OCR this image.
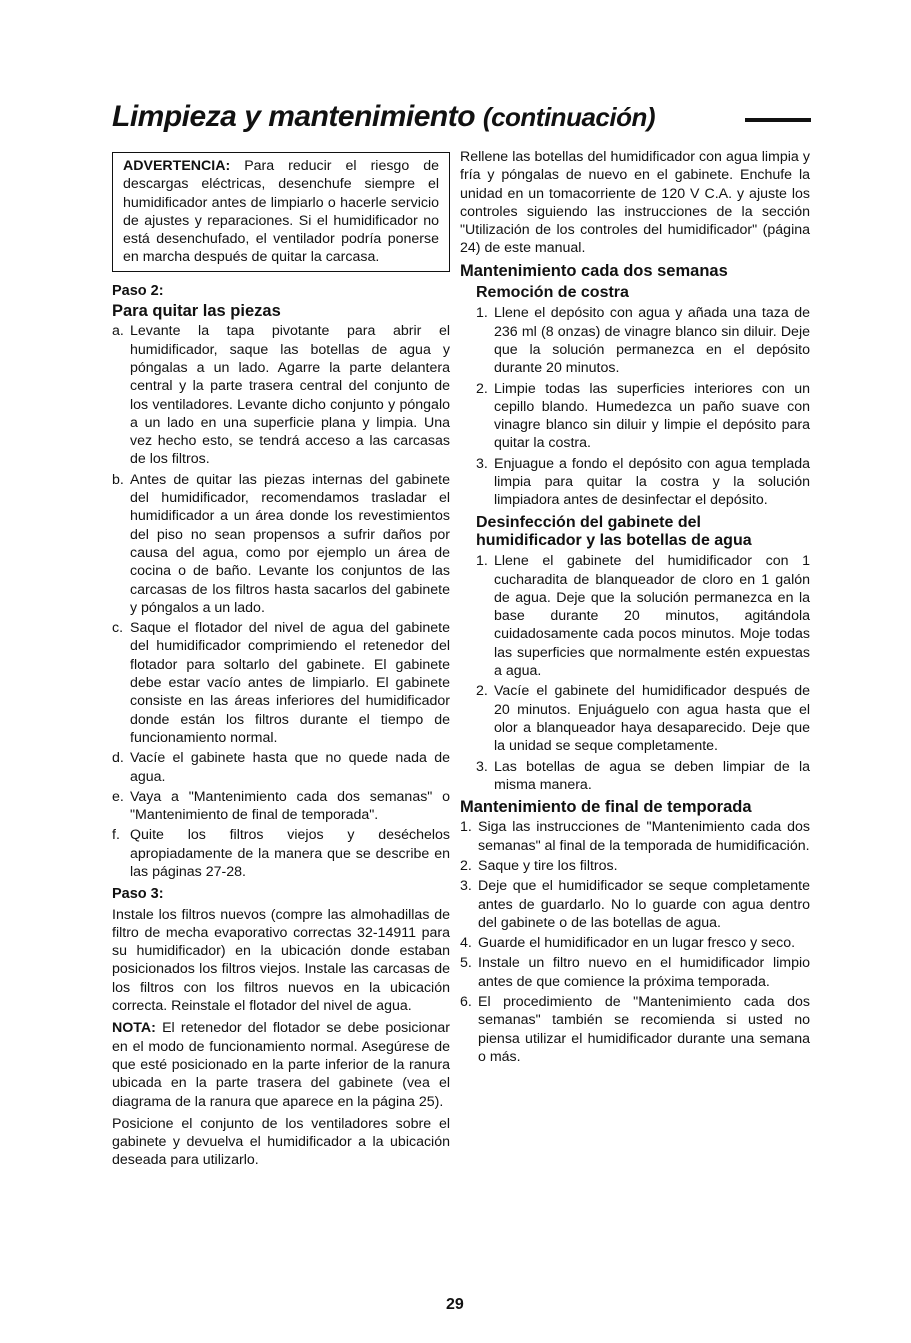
Limpieza y mantenimiento (continuación)
ADVERTENCIA: Para reducir el riesgo de descargas eléctricas, desenchufe siempre el humidificador antes de limpiarlo o hacerle servicio de ajustes y reparaciones. Si el humidificador no está desenchufado, el ventilador podría ponerse en marcha después de quitar la carcasa.
Paso 2:
Para quitar las piezas
a. Levante la tapa pivotante para abrir el humidificador, saque las botellas de agua y póngalas a un lado. Agarre la parte delantera central y la parte trasera central del conjunto de los ventiladores. Levante dicho conjunto y póngalo a un lado en una superficie plana y limpia. Una vez hecho esto, se tendrá acceso a las carcasas de los filtros.
b. Antes de quitar las piezas internas del gabinete del humidificador, recomendamos trasladar el humidificador a un área donde los revestimientos del piso no sean propensos a sufrir daños por causa del agua, como por ejemplo un área de cocina o de baño. Levante los conjuntos de las carcasas de los filtros hasta sacarlos del gabinete y póngalos a un lado.
c. Saque el flotador del nivel de agua del gabinete del humidificador comprimiendo el retenedor del flotador para soltarlo del gabinete. El gabinete debe estar vacío antes de limpiarlo. El gabinete consiste en las áreas inferiores del humidificador donde están los filtros durante el tiempo de funcionamiento normal.
d. Vacíe el gabinete hasta que no quede nada de agua.
e. Vaya a "Mantenimiento cada dos semanas" o "Mantenimiento de final de temporada".
f. Quite los filtros viejos y deséchelos apropiadamente de la manera que se describe en las páginas 27-28.
Paso 3:

Instale los filtros nuevos (compre las almohadillas de filtro de mecha evaporativo correctas 32-14911 para su humidificador) en la ubicación donde estaban posicionados los filtros viejos. Instale las carcasas de los filtros con los filtros nuevos en la ubicación correcta. Reinstale el flotador del nivel de agua.

NOTA: El retenedor del flotador se debe posicionar en el modo de funcionamiento normal. Asegúrese de que esté posicionado en la parte inferior de la ranura ubicada en la parte trasera del gabinete (vea el diagrama de la ranura que aparece en la página 25).

Posicione el conjunto de los ventiladores sobre el gabinete y devuelva el humidificador a la ubicación deseada para utilizarlo.

Rellene las botellas del humidificador con agua limpia y fría y póngalas de nuevo en el gabinete. Enchufe la unidad en un tomacorriente de 120 V C.A. y ajuste los controles siguiendo las instrucciones de la sección "Utilización de los controles del humidificador" (página 24) de este manual.

Mantenimiento cada dos semanas
Remoción de costra
1. Llene el depósito con agua y añada una taza de 236 ml (8 onzas) de vinagre blanco sin diluir. Deje que la solución permanezca en el depósito durante 20 minutos.
2. Limpie todas las superficies interiores con un cepillo blando. Humedezca un paño suave con vinagre blanco sin diluir y limpie el depósito para quitar la costra.
3. Enjuague a fondo el depósito con agua templada limpia para quitar la costra y la solución limpiadora antes de desinfectar el depósito.
Desinfección del gabinete del humidificador y las botellas de agua
1. Llene el gabinete del humidificador con 1 cucharadita de blanqueador de cloro en 1 galón de agua. Deje que la solución permanezca en la base durante 20 minutos, agitándola cuidadosamente cada pocos minutos. Moje todas las superficies que normalmente estén expuestas a agua.
2. Vacíe el gabinete del humidificador después de 20 minutos. Enjuáguelo con agua hasta que el olor a blanqueador haya desaparecido. Deje que la unidad se seque completamente.
3. Las botellas de agua se deben limpiar de la misma manera.
Mantenimiento de final de temporada
1. Siga las instrucciones de "Mantenimiento cada dos semanas" al final de la temporada de humidificación.
2. Saque y tire los filtros.
3. Deje que el humidificador se seque completamente antes de guardarlo. No lo guarde con agua dentro del gabinete o de las botellas de agua.
4. Guarde el humidificador en un lugar fresco y seco.
5. Instale un filtro nuevo en el humidificador limpio antes de que comience la próxima temporada.
6. El procedimiento de "Mantenimiento cada dos semanas" también se recomienda si usted no piensa utilizar el humidificador durante una semana o más.
29
